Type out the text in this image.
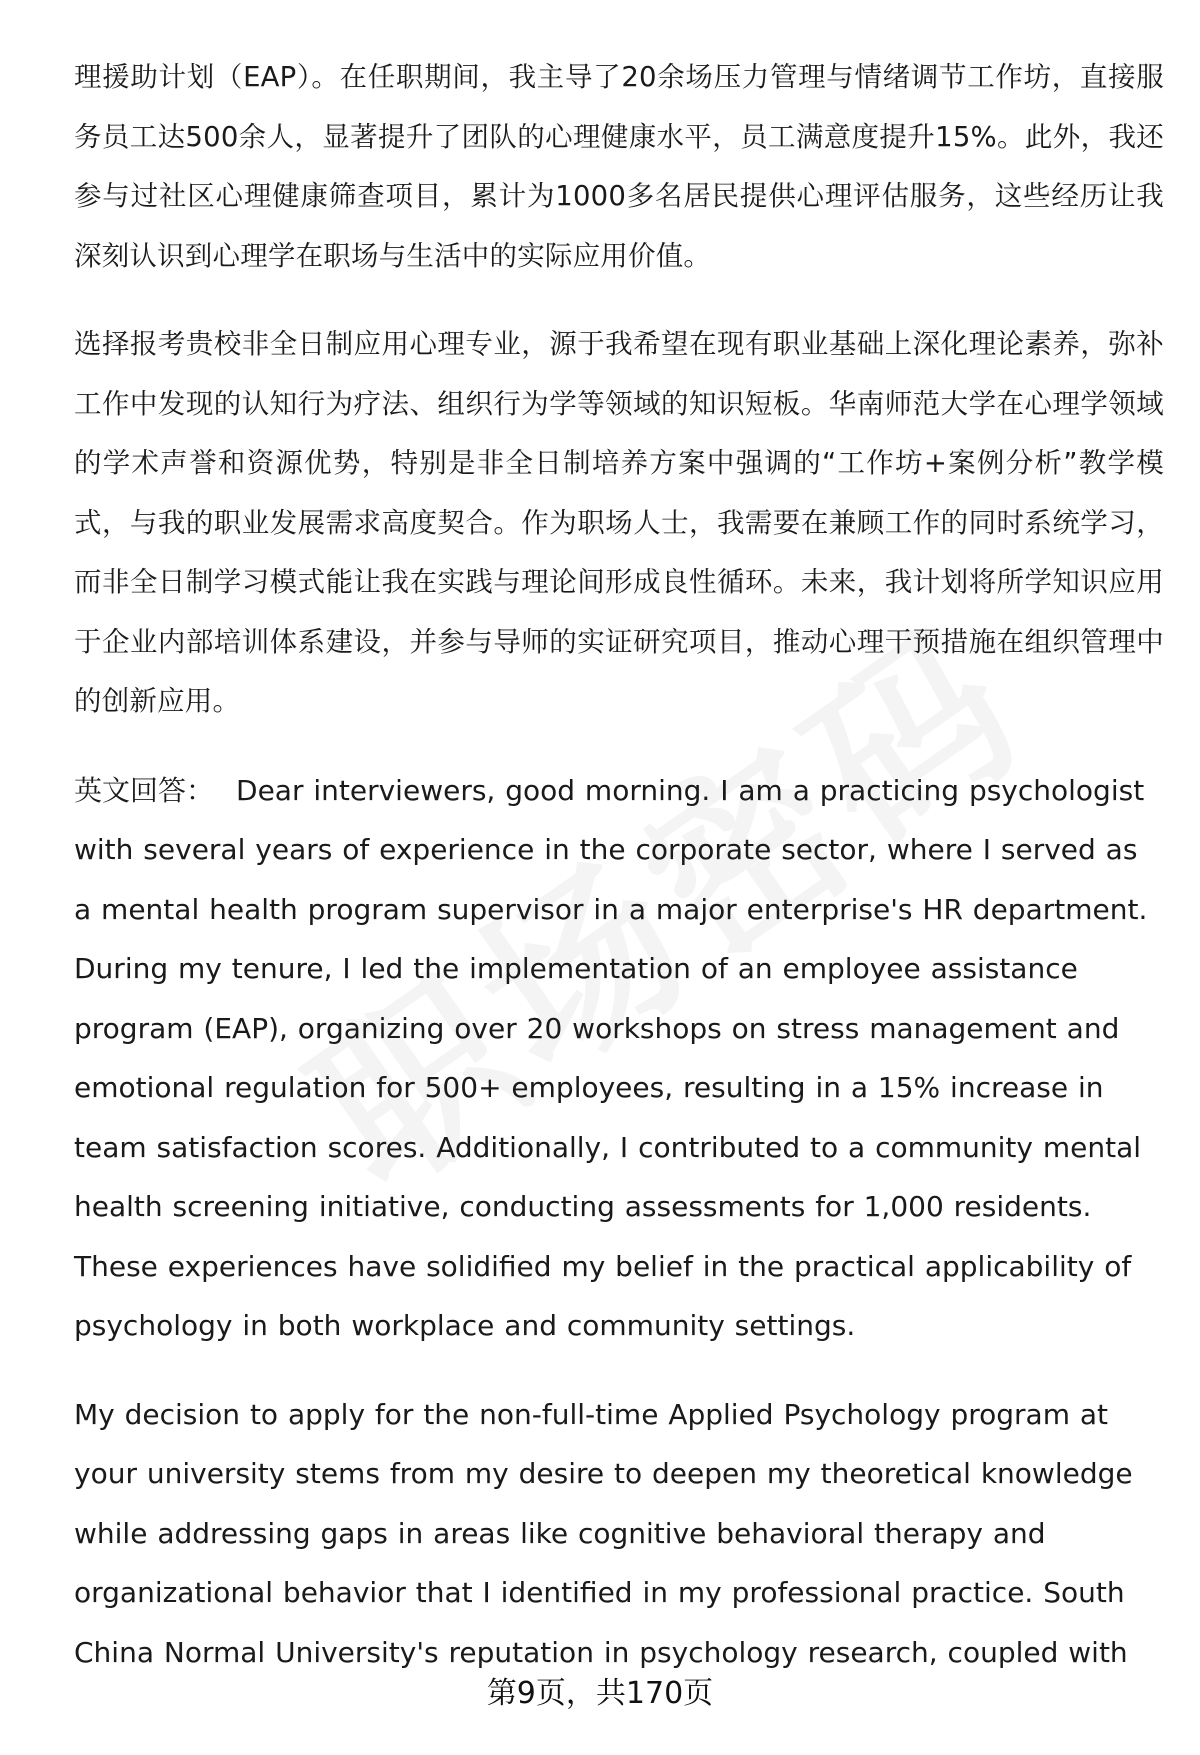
理援助计划（EAP）。在任职期间，我主导了20余场压力管理与情绪调节工作坊，直接服务员工达500余人，显著提升了团队的心理健康水平，员工满意度提升15%。此外，我还参与过社区心理健康筛查项目，累计为1000多名居民提供心理评估服务，这些经历让我深刻认识到心理学在职场与生活中的实际应用价值。

选择报考贵校非全日制应用心理专业，源于我希望在现有职业基础上深化理论素养，弥补工作中发现的认知行为疗法、组织行为学等领域的知识短板。华南师范大学在心理学领域的学术声誉和资源优势，特别是非全日制培养方案中强调的“工作坊+案例分析”教学模式，与我的职业发展需求高度契合。作为职场人士，我需要在兼顾工作的同时系统学习，而非全日制学习模式能让我在实践与理论间形成良性循环。未来，我计划将所学知识应用于企业内部培训体系建设，并参与导师的实证研究项目，推动心理干预措施在组织管理中的创新应用。

英文回答： Dear interviewers, good morning. I am a practicing psychologist with several years of experience in the corporate sector, where I served as a mental health program supervisor in a major enterprise's HR department. During my tenure, I led the implementation of an employee assistance program (EAP), organizing over 20 workshops on stress management and emotional regulation for 500+ employees, resulting in a 15% increase in team satisfaction scores. Additionally, I contributed to a community mental health screening initiative, conducting assessments for 1,000 residents. These experiences have solidified my belief in the practical applicability of psychology in both workplace and community settings.

My decision to apply for the non-full-time Applied Psychology program at your university stems from my desire to deepen my theoretical knowledge while addressing gaps in areas like cognitive behavioral therapy and organizational behavior that I identified in my professional practice. South China Normal University's reputation in psychology research, coupled with

第9页，共170页
